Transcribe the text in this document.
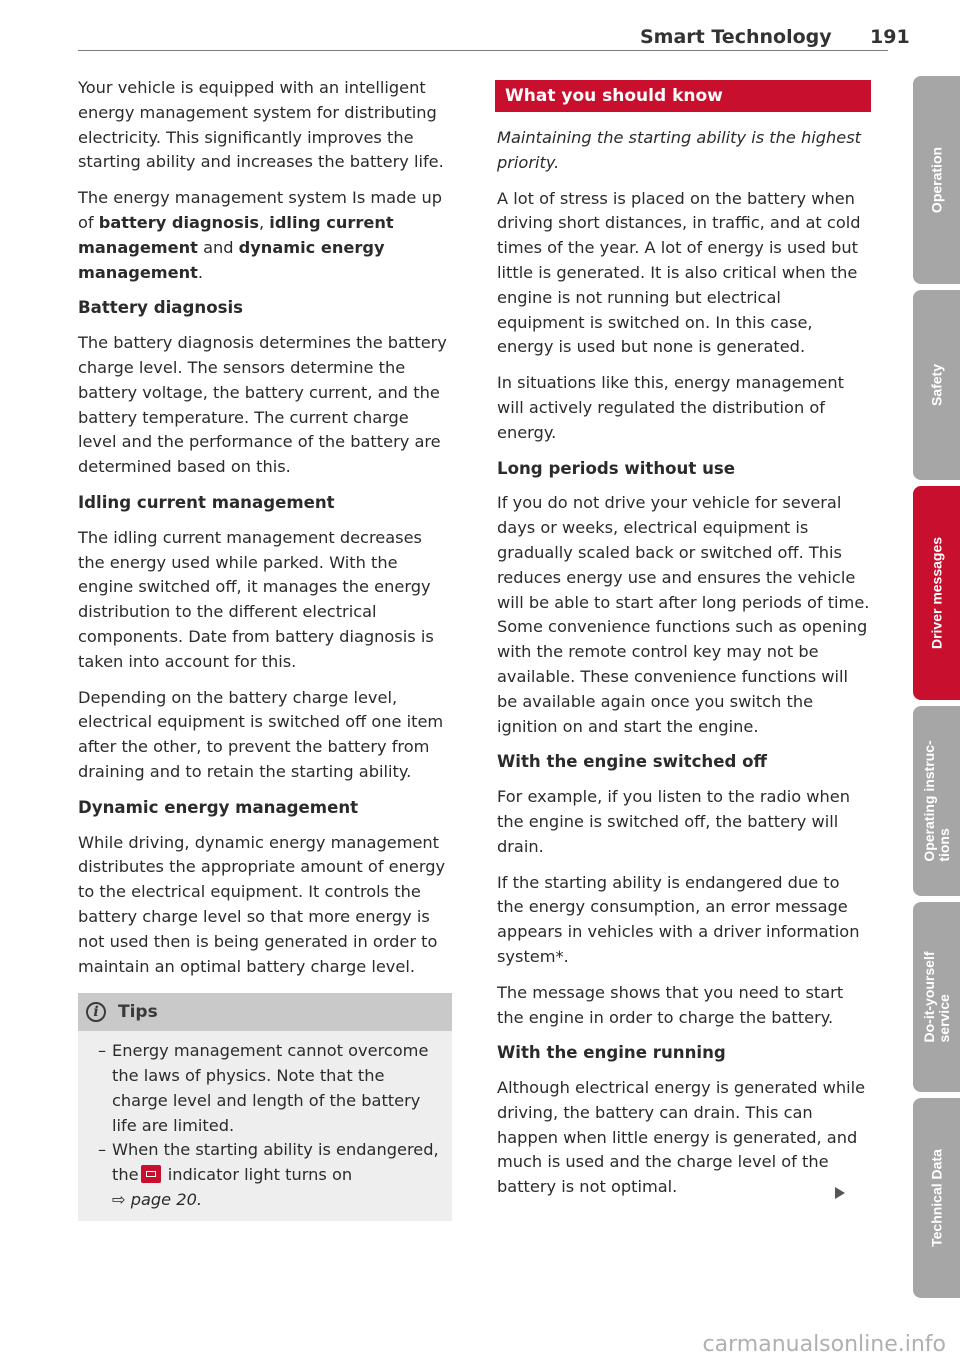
Smart Technology 191

Your vehicle is equipped with an intelligent energy management system for distributing electricity. This significantly improves the starting ability and increases the battery life.

The energy management system Is made up of battery diagnosis, idling current management and dynamic energy management.

Battery diagnosis

The battery diagnosis determines the battery charge level. The sensors determine the battery voltage, the battery current, and the battery temperature. The current charge level and the performance of the battery are determined based on this.

Idling current management

The idling current management decreases the energy used while parked. With the engine switched off, it manages the energy distribution to the different electrical components. Date from battery diagnosis is taken into account for this.

Depending on the battery charge level, electrical equipment is switched off one item after the other, to prevent the battery from draining and to retain the starting ability.

Dynamic energy management

While driving, dynamic energy management distributes the appropriate amount of energy to the electrical equipment. It controls the battery charge level so that more energy is not used then is being generated in order to maintain an optimal battery charge level.

i	Tips
– Energy management cannot overcome the laws of physics. Note that the charge level and length of the battery life are limited.
– When the starting ability is endangered, the indicator light turns on
⇨ page 20.
What you should know

Maintaining the starting ability is the highest priority.

A lot of stress is placed on the battery when driving short distances, in traffic, and at cold times of the year. A lot of energy is used but little is generated. It is also critical when the engine is not running but electrical equipment is switched on. In this case, energy is used but none is generated.

In situations like this, energy management will actively regulated the distribution of energy.

Long periods without use

If you do not drive your vehicle for several days or weeks, electrical equipment is gradually scaled back or switched off. This reduces energy use and ensures the vehicle will be able to start after long periods of time. Some convenience functions such as opening with the remote control key may not be available. These convenience functions will be available again once you switch the ignition on and start the engine.

With the engine switched off

For example, if you listen to the radio when the engine is switched off, the battery will drain.

If the starting ability is endangered due to the energy consumption, an error message appears in vehicles with a driver information system*.

The message shows that you need to start the engine in order to charge the battery.

With the engine running

Although electrical energy is generated while driving, the battery can drain. This can happen when little energy is generated, and much is used and the charge level of the battery is not optimal.

Operation
Safety
Driver messages
Operating instruc-
tions
Do-it-yourself
service
Technical Data
carmanualsonline.info
